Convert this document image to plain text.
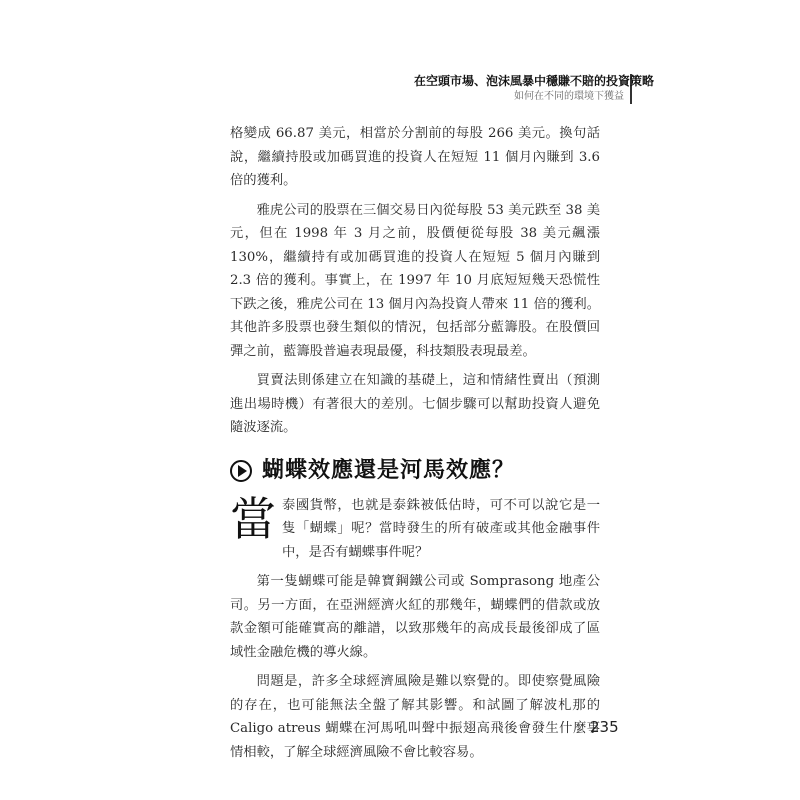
在空頭市場、泡沫風暴中穩賺不賠的投資策略
如何在不同的環境下獲益

格變成 66.87 美元，相當於分割前的每股 266 美元。換句話說，繼續持股或加碼買進的投資人在短短 11 個月內賺到 3.6 倍的獲利。

雅虎公司的股票在三個交易日內從每股 53 美元跌至 38 美元，但在 1998 年 3 月之前，股價便從每股 38 美元飆漲 130%，繼續持有或加碼買進的投資人在短短 5 個月內賺到 2.3 倍的獲利。事實上，在 1997 年 10 月底短短幾天恐慌性下跌之後，雅虎公司在 13 個月內為投資人帶來 11 倍的獲利。其他許多股票也發生類似的情況，包括部分藍籌股。在股價回彈之前，藍籌股普遍表現最優，科技類股表現最差。

買賣法則係建立在知識的基礎上，這和情緒性賣出（預測進出場時機）有著很大的差別。七個步驟可以幫助投資人避免隨波逐流。

蝴蝶效應還是河馬效應？

當泰國貨幣，也就是泰銖被低估時，可不可以說它是一隻「蝴蝶」呢？當時發生的所有破產或其他金融事件中，是否有蝴蝶事件呢？

第一隻蝴蝶可能是韓寶鋼鐵公司或 Somprasong 地產公司。另一方面，在亞洲經濟火紅的那幾年，蝴蝶們的借款或放款金額可能確實高的離譜，以致那幾年的高成長最後卻成了區域性金融危機的導火線。

問題是，許多全球經濟風險是難以察覺的。即使察覺風險的存在，也可能無法全盤了解其影響。和試圖了解波札那的 Caligo atreus 蝴蝶在河馬吼叫聲中振翅高飛後會發生什麼事情相較，了解全球經濟風險不會比較容易。

235
